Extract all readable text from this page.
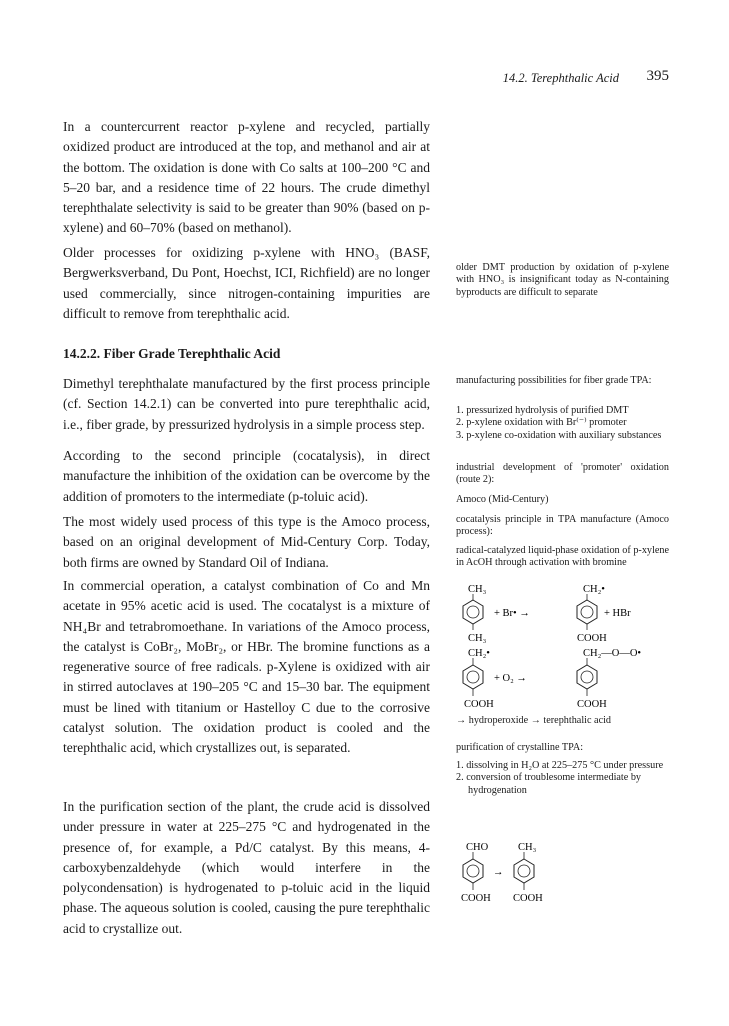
14.2. Terephthalic Acid	395

In a countercurrent reactor p-xylene and recycled, partially oxidized product are introduced at the top, and methanol and air at the bottom. The oxidation is done with Co salts at 100–200 °C and 5–20 bar, and a residence time of 22 hours. The crude dimethyl terephthalate selectivity is said to be greater than 90% (based on p-xylene) and 60–70% (based on methanol).

Older processes for oxidizing p-xylene with HNO₃ (BASF, Bergwerksverband, Du Pont, Hoechst, ICI, Richfield) are no longer used commercially, since nitrogen-containing impurities are difficult to remove from terephthalic acid.

14.2.2. Fiber Grade Terephthalic Acid

Dimethyl terephthalate manufactured by the first process principle (cf. Section 14.2.1) can be converted into pure terephthalic acid, i.e., fiber grade, by pressurized hydrolysis in a simple process step.

According to the second principle (cocatalysis), in direct manufacture the inhibition of the oxidation can be overcome by the addition of promoters to the intermediate (p-toluic acid).

The most widely used process of this type is the Amoco process, based on an original development of Mid-Century Corp. Today, both firms are owned by Standard Oil of Indiana.

In commercial operation, a catalyst combination of Co and Mn acetate in 95% acetic acid is used. The cocatalyst is a mixture of NH₄Br and tetrabromoethane. In variations of the Amoco process, the catalyst is CoBr₂, MoBr₂, or HBr. The bromine functions as a regenerative source of free radicals. p-Xylene is oxidized with air in stirred autoclaves at 190–205 °C and 15–30 bar. The equipment must be lined with titanium or Hastelloy C due to the corrosive catalyst solution. The oxidation product is cooled and the terephthalic acid, which crystallizes out, is separated.

In the purification section of the plant, the crude acid is dissolved under pressure in water at 225–275 °C and hydrogenated in the presence of, for example, a Pd/C catalyst. By this means, 4-carboxybenzaldehyde (which would interfere in the polycondensation) is hydrogenated to p-toluic acid in the liquid phase. The aqueous solution is cooled, causing the pure terephthalic acid to crystallize out.

older DMT production by oxidation of p-xylene with HNO₃ is insignificant today as N-containing byproducts are difficult to separate

manufacturing possibilities for fiber grade TPA:

1. pressurized hydrolysis of purified DMT
2. p-xylene oxidation with Br⁽⁻⁾ promoter
3. p-xylene co-oxidation with auxiliary substances

industrial development of 'promoter' oxidation (route 2):

Amoco (Mid-Century)

cocatalysis principle in TPA manufacture (Amoco process):

radical-catalyzed liquid-phase oxidation of p-xylene in AcOH through activation with bromine

CH₃	CH₂•
+ Br• →	+ HBr
CH₃	COOH
CH₂•	CH₂—O—O•
+ O₂ →
COOH	COOH

→ hydroperoxide → terephthalic acid

purification of crystalline TPA:

1. dissolving in H₂O at 225–275 °C under pressure
2. conversion of troublesome intermediate by hydrogenation
CHO	CH₃
→
COOH COOH
